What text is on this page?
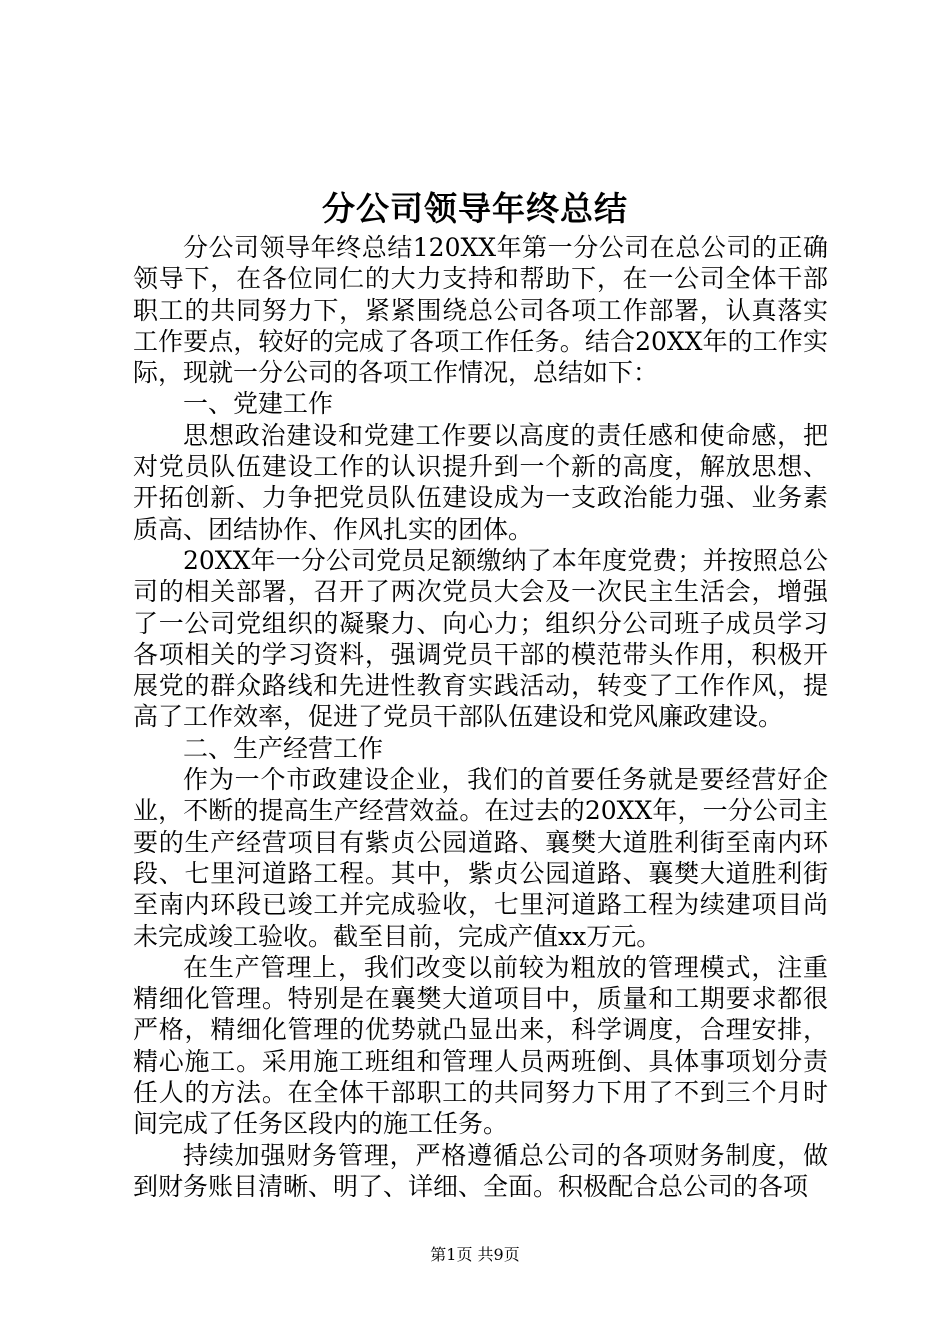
分公司领导年终总结

分公司领导年终总结120XX年第一分公司在总公司的正确领导下，在各位同仁的大力支持和帮助下，在一公司全体干部职工的共同努力下，紧紧围绕总公司各项工作部署，认真落实工作要点，较好的完成了各项工作任务。结合20XX年的工作实际，现就一分公司的各项工作情况，总结如下：

一、党建工作

思想政治建设和党建工作要以高度的责任感和使命感，把对党员队伍建设工作的认识提升到一个新的高度，解放思想、开拓创新、力争把党员队伍建设成为一支政治能力强、业务素质高、团结协作、作风扎实的团体。

20XX年一分公司党员足额缴纳了本年度党费；并按照总公司的相关部署，召开了两次党员大会及一次民主生活会，增强了一公司党组织的凝聚力、向心力；组织分公司班子成员学习各项相关的学习资料，强调党员干部的模范带头作用，积极开展党的群众路线和先进性教育实践活动，转变了工作作风，提高了工作效率，促进了党员干部队伍建设和党风廉政建设。

二、生产经营工作

作为一个市政建设企业，我们的首要任务就是要经营好企业，不断的提高生产经营效益。在过去的20XX年，一分公司主要的生产经营项目有紫贞公园道路、襄樊大道胜利街至南内环段、七里河道路工程。其中，紫贞公园道路、襄樊大道胜利街至南内环段已竣工并完成验收，七里河道路工程为续建项目尚未完成竣工验收。截至目前，完成产值xx万元。

在生产管理上，我们改变以前较为粗放的管理模式，注重精细化管理。特别是在襄樊大道项目中，质量和工期要求都很严格，精细化管理的优势就凸显出来，科学调度，合理安排，精心施工。采用施工班组和管理人员两班倒、具体事项划分责任人的方法。在全体干部职工的共同努力下用了不到三个月时间完成了任务区段内的施工任务。

持续加强财务管理，严格遵循总公司的各项财务制度，做到财务账目清晰、明了、详细、全面。积极配合总公司的各项

第1页 共9页
